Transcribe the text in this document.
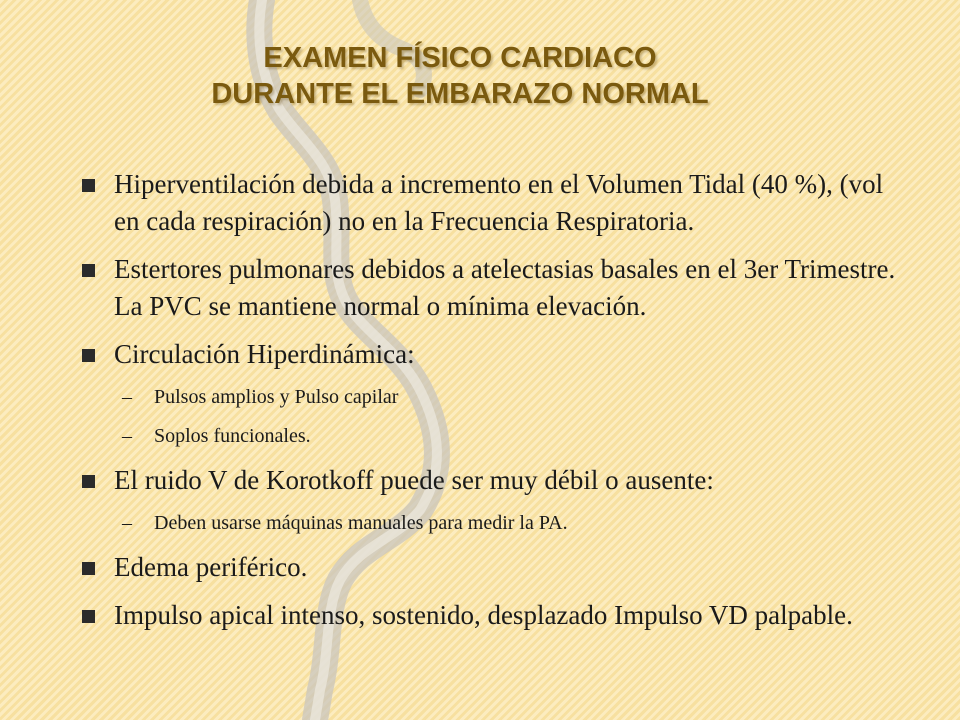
EXAMEN FÍSICO CARDIACO
DURANTE EL EMBARAZO NORMAL
Hiperventilación debida a incremento en el Volumen Tidal (40 %), (vol en cada respiración) no en la Frecuencia Respiratoria.
Estertores pulmonares debidos a atelectasias basales en el 3er Trimestre. La PVC se mantiene normal o mínima elevación.
Circulación Hiperdinámica:
– Pulsos amplios y Pulso capilar
– Soplos funcionales.
El ruido V de Korotkoff puede ser muy débil o ausente:
– Deben usarse máquinas manuales para medir la PA.
Edema periférico.
Impulso apical intenso, sostenido, desplazado Impulso VD palpable.
